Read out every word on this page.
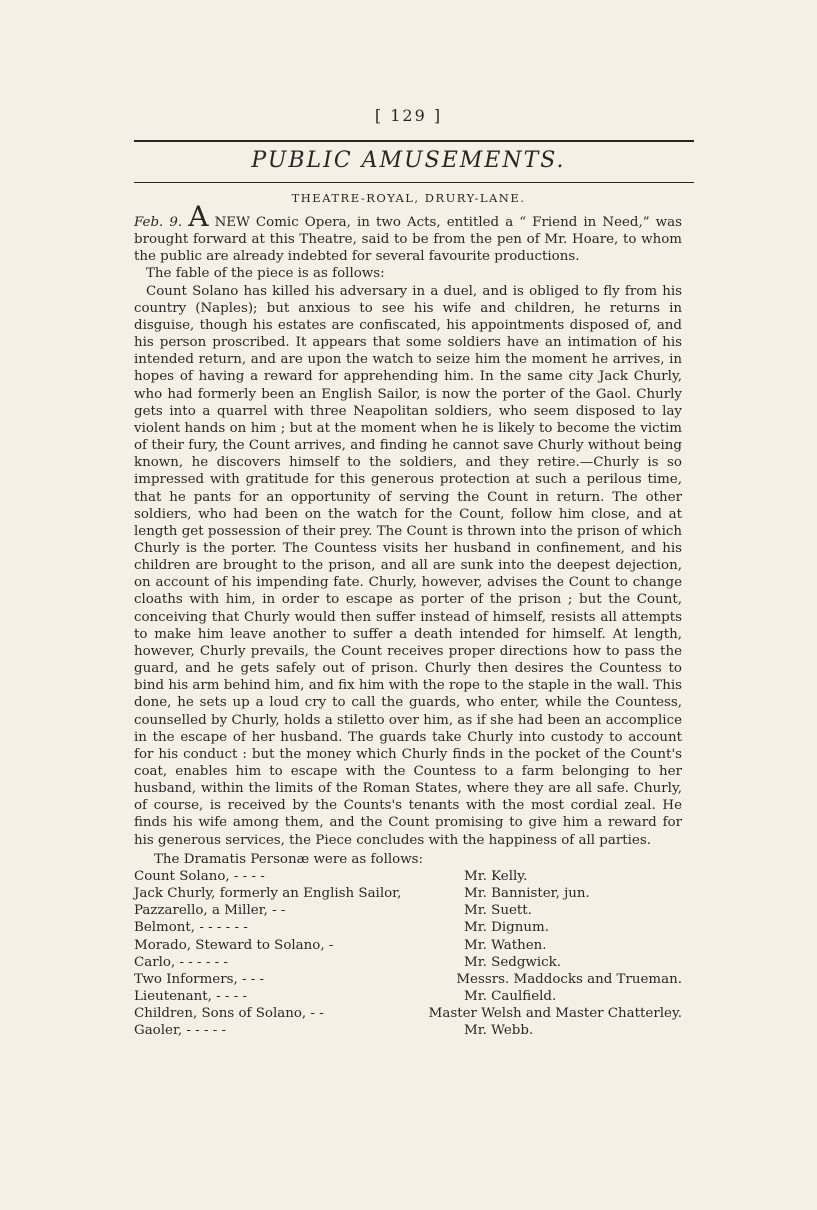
[ 129 ]
PUBLIC AMUSEMENTS.
THEATRE-ROYAL, DRURY-LANE.

Feb. 9. A NEW Comic Opera, in two Acts, entitled a “ Friend in Need,” was brought forward at this Theatre, said to be from the pen of Mr. Hoare, to whom the public are already indebted for several favourite productions.

The fable of the piece is as follows:

Count Solano has killed his adversary in a duel, and is obliged to fly from his country (Naples); but anxious to see his wife and children, he returns in disguise, though his estates are confiscated, his appointments disposed of, and his person proscribed. It appears that some soldiers have an intimation of his intended return, and are upon the watch to seize him the moment he arrives, in hopes of having a reward for apprehending him. In the same city Jack Churly, who had formerly been an English Sailor, is now the porter of the Gaol. Churly gets into a quarrel with three Neapolitan soldiers, who seem disposed to lay violent hands on him ; but at the moment when he is likely to become the victim of their fury, the Count arrives, and finding he cannot save Churly without being known, he discovers himself to the soldiers, and they retire.—Churly is so impressed with gratitude for this generous protection at such a perilous time, that he pants for an opportunity of serving the Count in return. The other soldiers, who had been on the watch for the Count, follow him close, and at length get possession of their prey. The Count is thrown into the prison of which Churly is the porter. The Countess visits her husband in confinement, and his children are brought to the prison, and all are sunk into the deepest dejection, on account of his impending fate. Churly, however, advises the Count to change cloaths with him, in order to escape as porter of the prison ; but the Count, conceiving that Churly would then suffer instead of himself, resists all attempts to make him leave another to suffer a death intended for himself. At length, however, Churly prevails, the Count receives proper directions how to pass the guard, and he gets safely out of prison. Churly then desires the Countess to bind his arm behind him, and fix him with the rope to the staple in the wall. This done, he sets up a loud cry to call the guards, who enter, while the Countess, counselled by Churly, holds a stiletto over him, as if she had been an accomplice in the escape of her husband. The guards take Churly into custody to account for his conduct : but the money which Churly finds in the pocket of the Count's coat, enables him to escape with the Countess to a farm belonging to her husband, within the limits of the Roman States, where they are all safe. Churly, of course, is received by the Counts's tenants with the most cordial zeal. He finds his wife among them, and the Count promising to give him a reward for his generous services, the Piece concludes with the happiness of all parties.

The Dramatis Personæ were as follows:

Count Solano, - - - -	Mr. Kelly.
Jack Churly, formerly an English Sailor,	Mr. Bannister, jun.
Pazzarello, a Miller, - -	Mr. Suett.
Belmont, - - - - - -	Mr. Dignum.
Morado, Steward to Solano, -	Mr. Wathen.
Carlo, - - - - - -	Mr. Sedgwick.
Two Informers, - - -	Messrs. Maddocks and Trueman.
Lieutenant, - - - -	Mr. Caulfield.
Children, Sons of Solano, - -	Master Welsh and Master Chatterley.
Gaoler, - - - - -	Mr. Webb.
